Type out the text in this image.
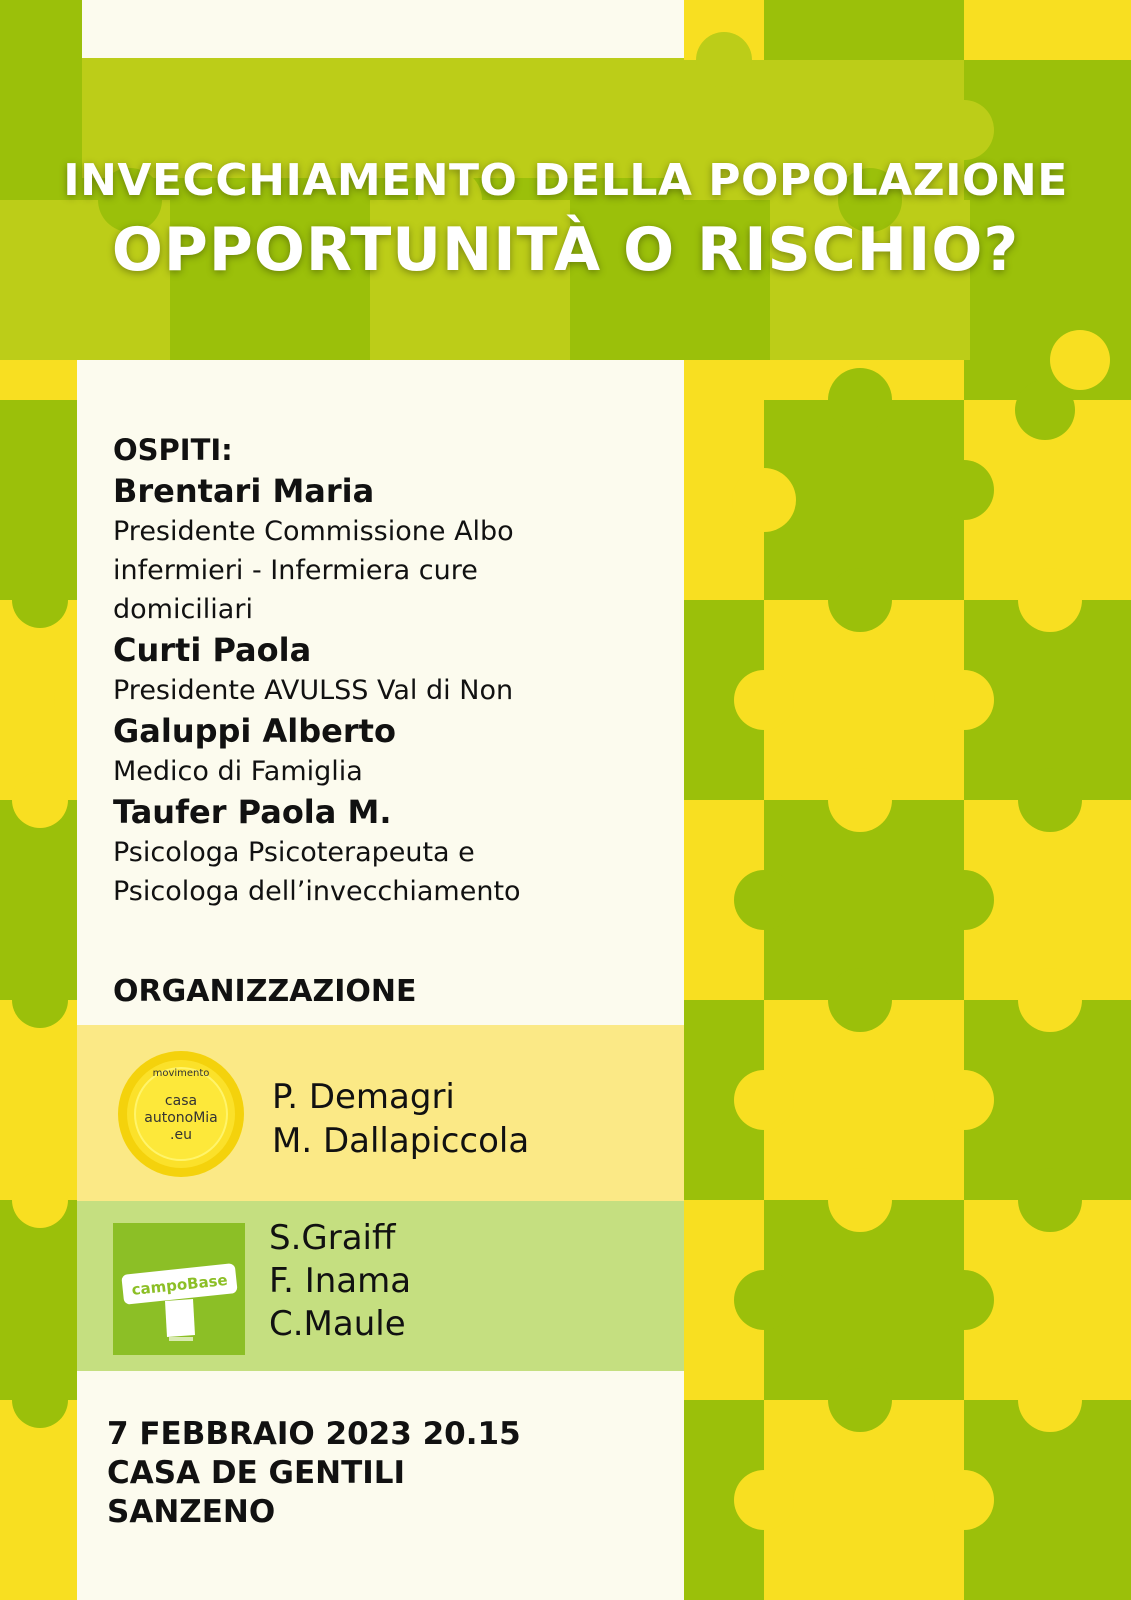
INVECCHIAMENTO DELLA POPOLAZIONE
OPPORTUNITÀ O RISCHIO?
OSPITI:
Brentari Maria
Presidente Commissione Albo
infermieri - Infermiera cure
domiciliari
Curti Paola
Presidente AVULSS Val di Non
Galuppi Alberto
Medico di Famiglia
Taufer Paola M.
Psicologa Psicoterapeuta e
Psicologa dell’invecchiamento
ORGANIZZAZIONE
movimento
casa
autonoMia
.eu
P. Demagri
M. Dallapiccola
campoBase
S.Graiff
F. Inama
C.Maule
7 FEBBRAIO 2023 20.15
CASA DE GENTILI
SANZENO
